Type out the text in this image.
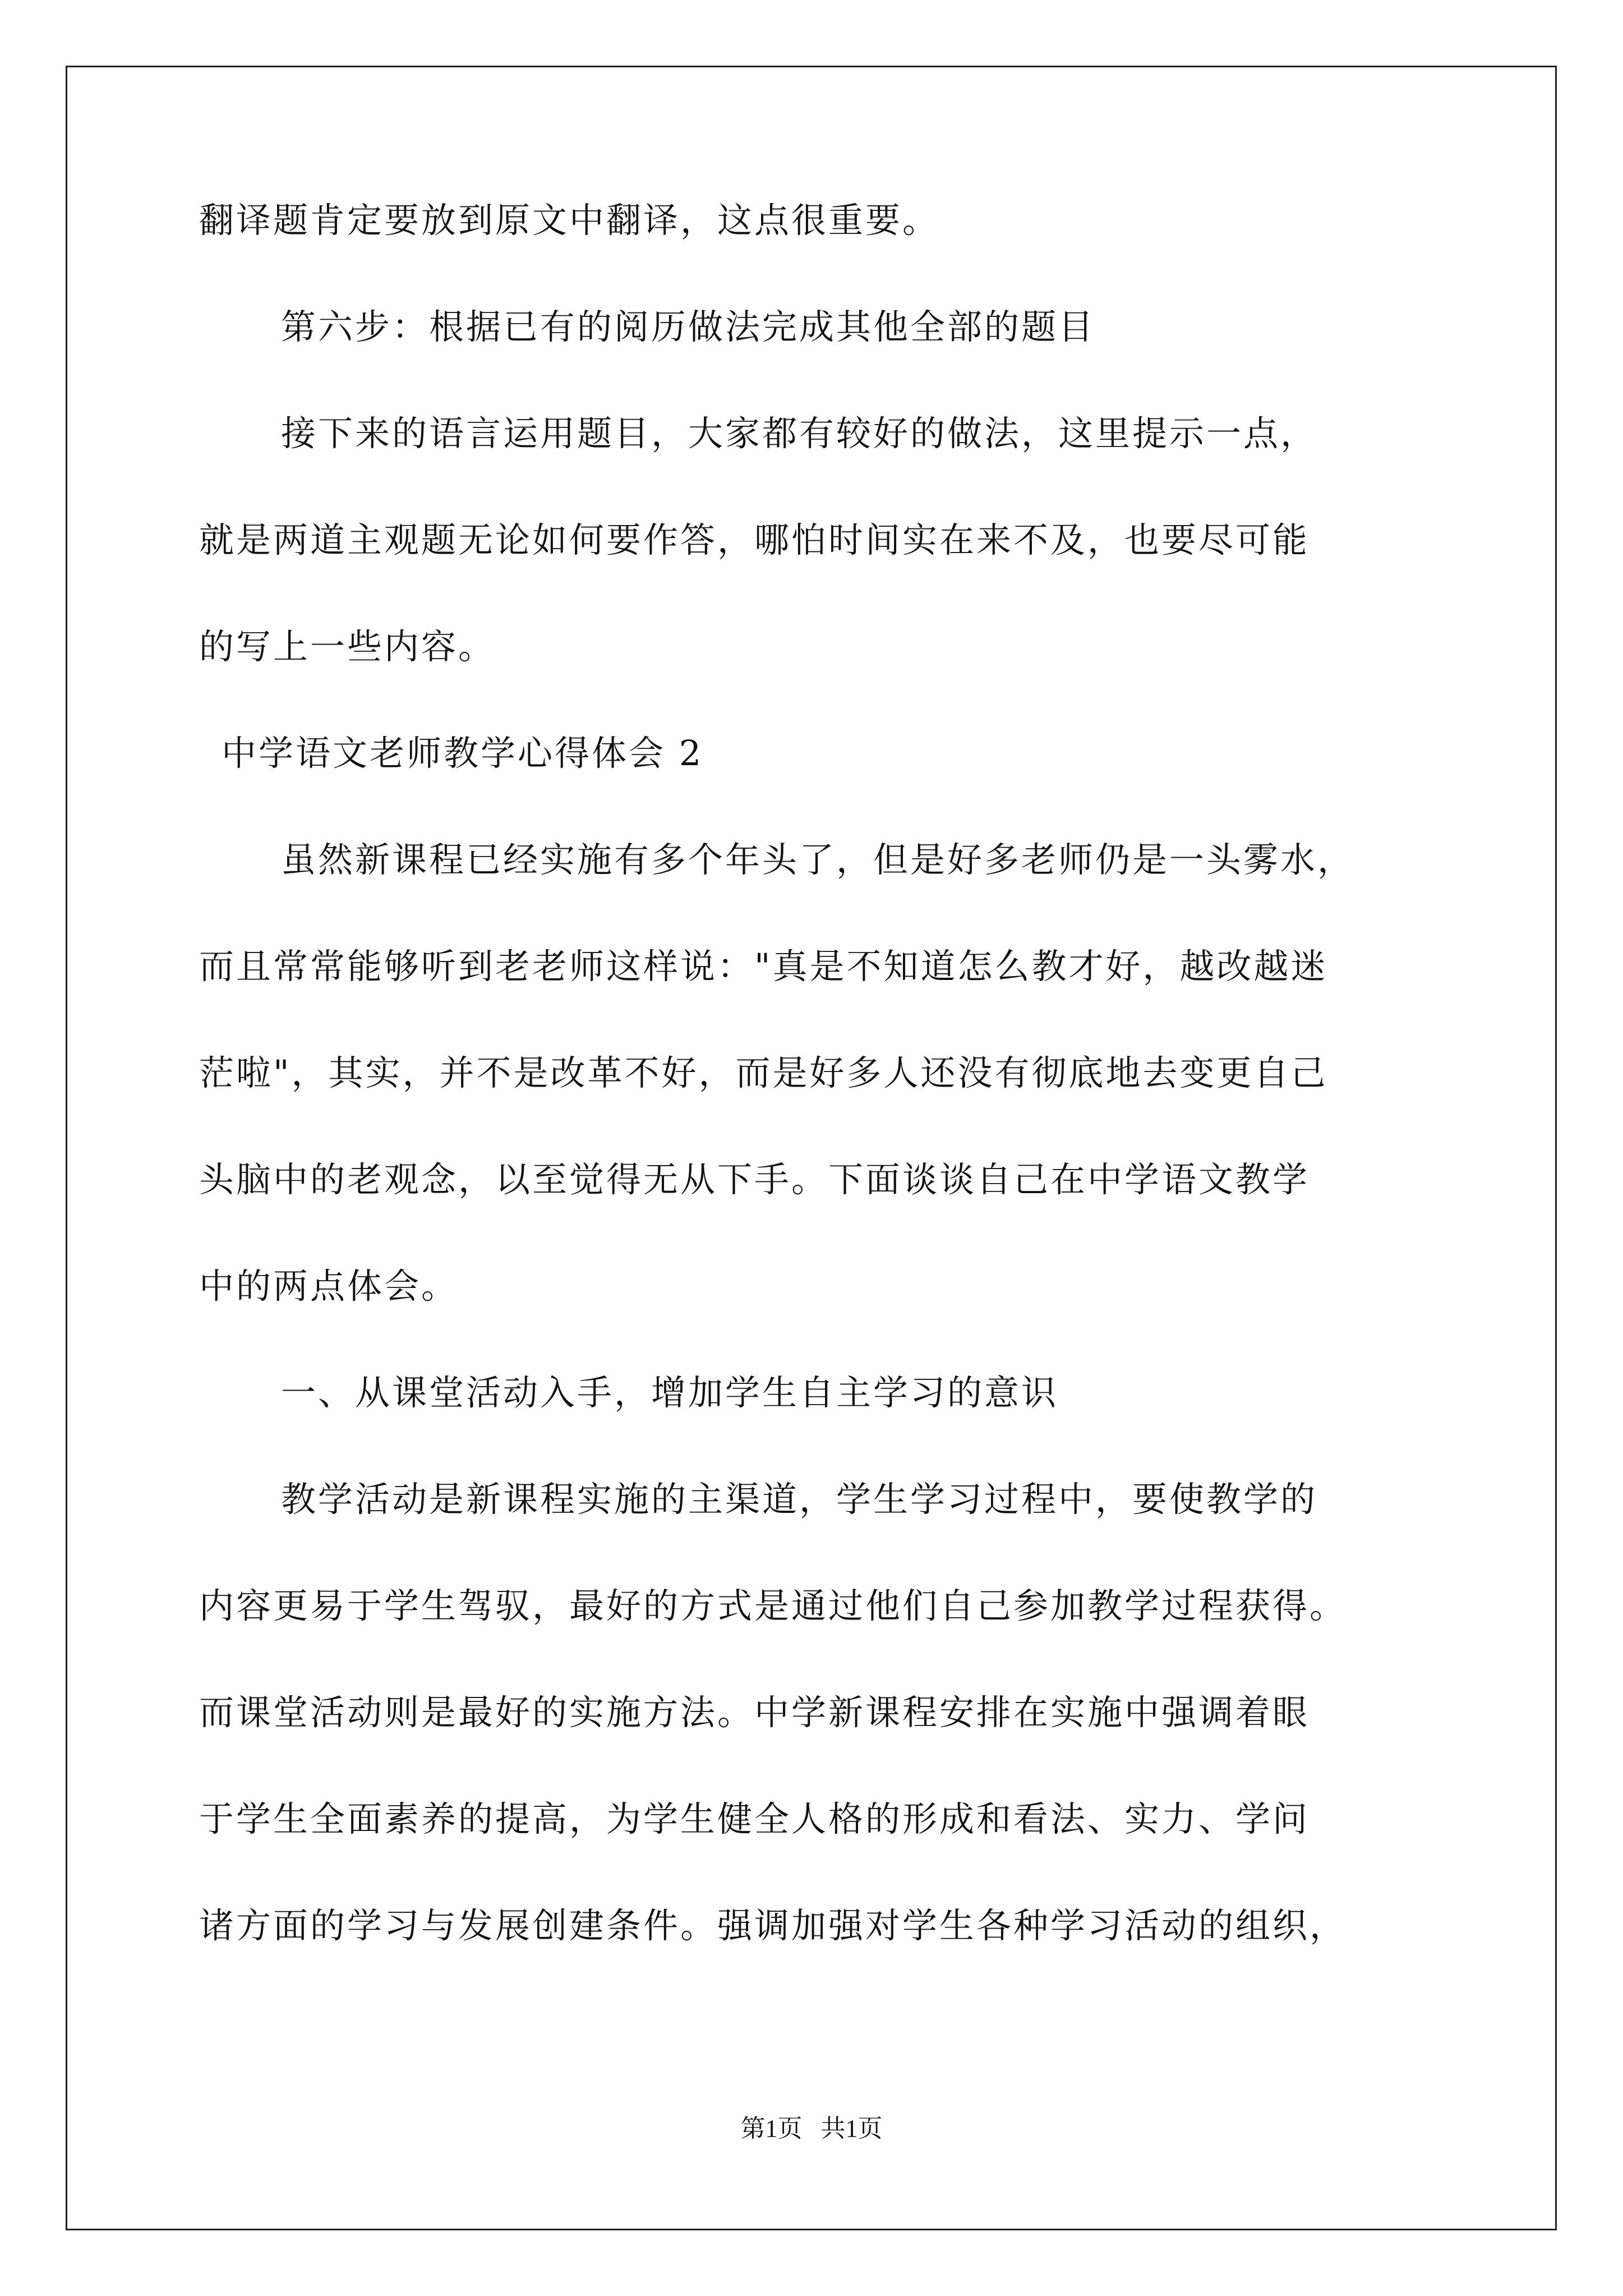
翻译题肯定要放到原文中翻译，这点很重要。
第六步：根据已有的阅历做法完成其他全部的题目
接下来的语言运用题目，大家都有较好的做法，这里提示一点，
就是两道主观题无论如何要作答，哪怕时间实在来不及，也要尽可能
的写上一些内容。
中学语文老师教学心得体会 2
虽然新课程已经实施有多个年头了，但是好多老师仍是一头雾水，
而且常常能够听到老老师这样说："真是不知道怎么教才好，越改越迷
茫啦"，其实，并不是改革不好，而是好多人还没有彻底地去变更自己
头脑中的老观念，以至觉得无从下手。下面谈谈自己在中学语文教学
中的两点体会。
一、从课堂活动入手，增加学生自主学习的意识
教学活动是新课程实施的主渠道，学生学习过程中，要使教学的
内容更易于学生驾驭，最好的方式是通过他们自己参加教学过程获得。
而课堂活动则是最好的实施方法。中学新课程安排在实施中强调着眼
于学生全面素养的提高，为学生健全人格的形成和看法、实力、学问
诸方面的学习与发展创建条件。强调加强对学生各种学习活动的组织，
第1页   共1页
